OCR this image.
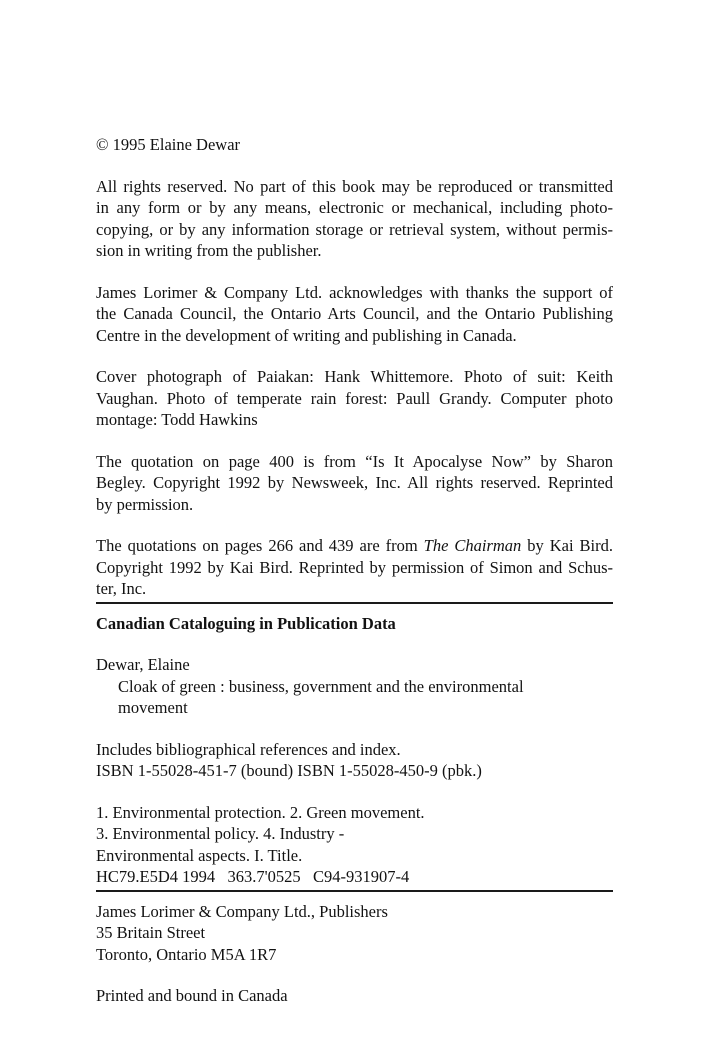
© 1995 Elaine Dewar
All rights reserved. No part of this book may be reproduced or transmitted
in any form or by any means, electronic or mechanical, including photo-
copying, or by any information storage or retrieval system, without permis-
sion in writing from the publisher.
James Lorimer & Company Ltd. acknowledges with thanks the support of
the Canada Council, the Ontario Arts Council, and the Ontario Publishing
Centre in the development of writing and publishing in Canada.
Cover photograph of Paiakan: Hank Whittemore. Photo of suit: Keith
Vaughan. Photo of temperate rain forest: Paull Grandy. Computer photo
montage: Todd Hawkins
The quotation on page 400 is from “Is It Apocalyse Now” by Sharon
Begley. Copyright 1992 by Newsweek, Inc. All rights reserved. Reprinted
by permission.
The quotations on pages 266 and 439 are from The Chairman by Kai Bird.
Copyright 1992 by Kai Bird. Reprinted by permission of Simon and Schus-
ter, Inc.
Canadian Cataloguing in Publication Data
Dewar, Elaine
Cloak of green : business, government and the environmental
movement
Includes bibliographical references and index.
ISBN 1-55028-451-7 (bound) ISBN 1-55028-450-9 (pbk.)
1. Environmental protection. 2. Green movement.
3. Environmental policy. 4. Industry -
Environmental aspects. I. Title.
HC79.E5D4 1994   363.7'0525   C94-931907-4
James Lorimer & Company Ltd., Publishers
35 Britain Street
Toronto, Ontario M5A 1R7
Printed and bound in Canada
